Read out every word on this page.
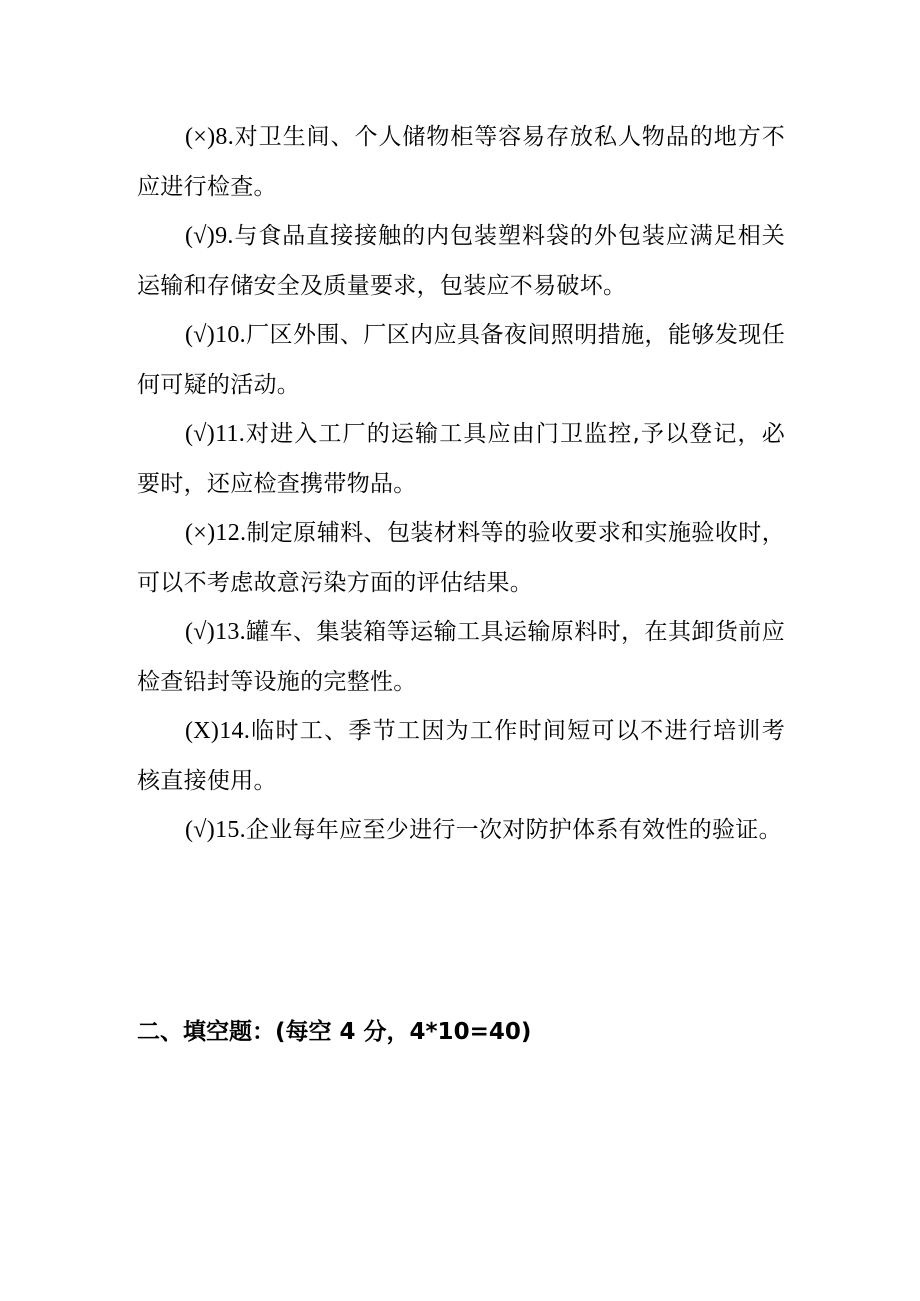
(×)8.对卫生间、个人储物柜等容易存放私人物品的地方不应进行检查。

(√)9.与食品直接接触的内包装塑料袋的外包装应满足相关运输和存储安全及质量要求，包装应不易破坏。

(√)10.厂区外围、厂区内应具备夜间照明措施，能够发现任何可疑的活动。

(√)11.对进入工厂的运输工具应由门卫监控,予以登记，必要时，还应检查携带物品。

(×)12.制定原辅料、包装材料等的验收要求和实施验收时，可以不考虑故意污染方面的评估结果。

(√)13.罐车、集装箱等运输工具运输原料时，在其卸货前应检查铅封等设施的完整性。

(X)14.临时工、季节工因为工作时间短可以不进行培训考核直接使用。

(√)15.企业每年应至少进行一次对防护体系有效性的验证。

二、填空题：(每空 4 分，4*10=40)
